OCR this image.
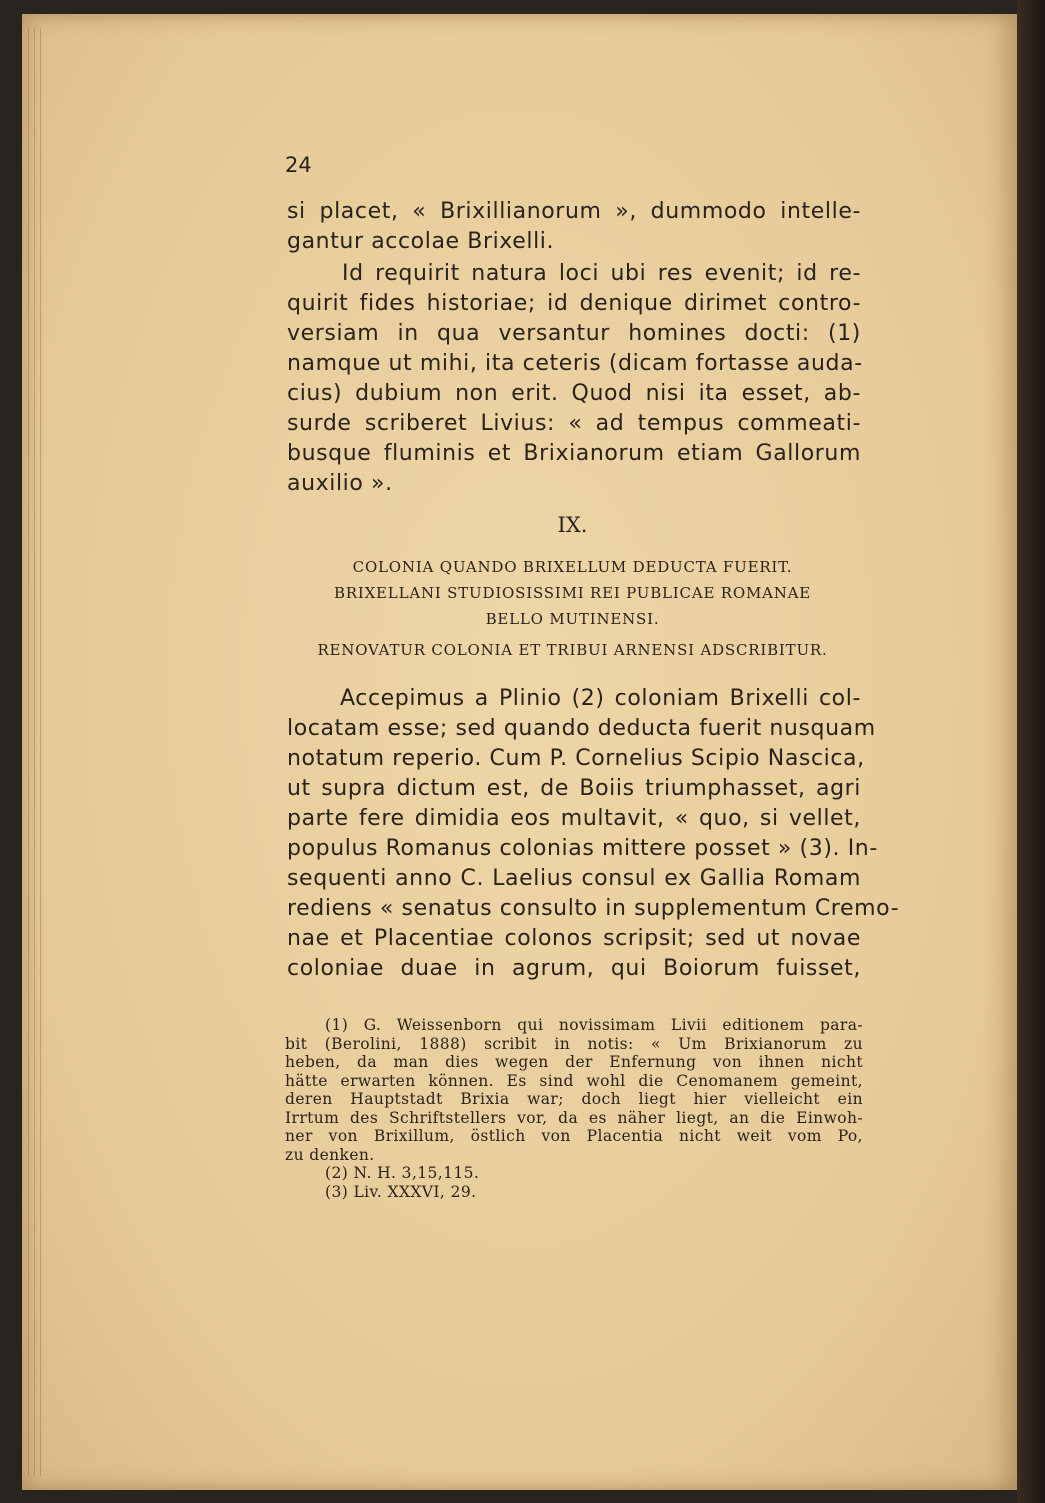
24
si placet, « Brixillianorum », dummodo intelle-
gantur accolae Brixelli.
Id requirit natura loci ubi res evenit; id re-
quirit fides historiae; id denique dirimet contro-
versiam in qua versantur homines docti: (1)
namque ut mihi, ita ceteris (dicam fortasse auda-
cius) dubium non erit. Quod nisi ita esset, ab-
surde scriberet Livius: « ad tempus commeati-
busque fluminis et Brixianorum etiam Gallorum
auxilio ».
IX.
COLONIA QUANDO BRIXELLUM DEDUCTA FUERIT.
BRIXELLANI STUDIOSISSIMI REI PUBLICAE ROMANAE
BELLO MUTINENSI.
RENOVATUR COLONIA ET TRIBUI ARNENSI ADSCRIBITUR.
Accepimus a Plinio (2) coloniam Brixelli col-
locatam esse; sed quando deducta fuerit nusquam
notatum reperio. Cum P. Cornelius Scipio Nascica,
ut supra dictum est, de Boiis triumphasset, agri
parte fere dimidia eos multavit, « quo, si vellet,
populus Romanus colonias mittere posset » (3). In-
sequenti anno C. Laelius consul ex Gallia Romam
rediens « senatus consulto in supplementum Cremo-
nae et Placentiae colonos scripsit; sed ut novae
coloniae duae in agrum, qui Boiorum fuisset,
(1) G. Weissenborn qui novissimam Livii editionem para-
bit (Berolini, 1888) scribit in notis: « Um Brixianorum zu
heben, da man dies wegen der Enfernung von ihnen nicht
hätte erwarten können. Es sind wohl die Cenomanem gemeint,
deren Hauptstadt Brixia war; doch liegt hier vielleicht ein
Irrtum des Schriftstellers vor, da es näher liegt, an die Einwoh-
ner von Brixillum, östlich von Placentia nicht weit vom Po,
zu denken.
(2) N. H. 3,15,115.
(3) Liv. XXXVI, 29.
